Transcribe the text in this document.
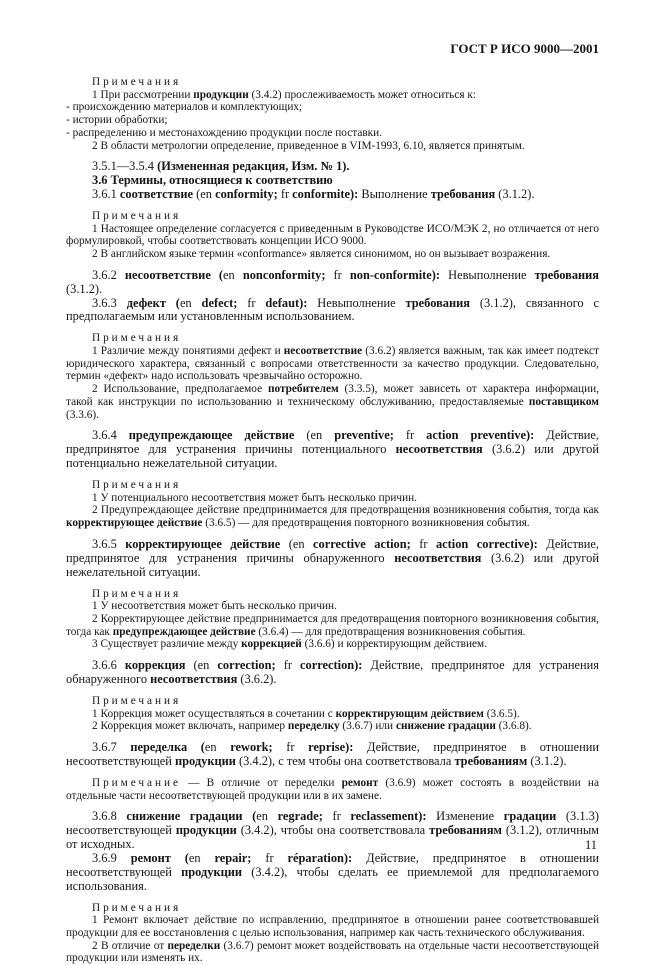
ГОСТ Р ИСО 9000—2001

Примечания

1 При рассмотрении продукции (3.4.2) прослеживаемость может относиться к:

- происхождению материалов и комплектующих;

- истории обработки;

- распределению и местонахождению продукции после поставки.

2 В области метрологии определение, приведенное в VIM-1993, 6.10, является принятым.

3.5.1—3.5.4 (Измененная редакция, Изм. № 1).

3.6 Термины, относящиеся к соответствию

3.6.1 соответствие (en conformity; fr conformite): Выполнение требования (3.1.2).

Примечания

1 Настоящее определение согласуется с приведенным в Руководстве ИСО/МЭК 2, но отличается от него формулировкой, чтобы соответствовать концепции ИСО 9000.

2 В английском языке термин «conformance» является синонимом, но он вызывает возражения.

3.6.2 несоответствие (en nonconformity; fr non-conformite): Невыполнение требования (3.1.2).

3.6.3 дефект (en defect; fr defaut): Невыполнение требования (3.1.2), связанного с предполагаемым или установленным использованием.

Примечания

1 Различие между понятиями дефект и несоответствие (3.6.2) является важным, так как имеет подтекст юридического характера, связанный с вопросами ответственности за качество продукции. Следовательно, термин «дефект» надо использовать чрезвычайно осторожно.

2 Использование, предполагаемое потребителем (3.3.5), может зависеть от характера информации, такой как инструкции по использованию и техническому обслуживанию, предоставляемые поставщиком (3.3.6).

3.6.4 предупреждающее действие (en preventive; fr action preventive): Действие, предпринятое для устранения причины потенциального несоответствия (3.6.2) или другой потенциально нежелательной ситуации.

Примечания

1 У потенциального несоответствия может быть несколько причин.

2 Предупреждающее действие предпринимается для предотвращения возникновения события, тогда как корректирующее действие (3.6.5) — для предотвращения повторного возникновения события.

3.6.5 корректирующее действие (en corrective action; fr action corrective): Действие, предпринятое для устранения причины обнаруженного несоответствия (3.6.2) или другой нежелательной ситуации.

Примечания

1 У несоответствия может быть несколько причин.

2 Корректирующее действие предпринимается для предотвращения повторного возникновения события, тогда как предупреждающее действие (3.6.4) — для предотвращения возникновения события.

3 Существует различие между коррекцией (3.6.6) и корректирующим действием.

3.6.6 коррекция (en correction; fr correction): Действие, предпринятое для устранения обнаруженного несоответствия (3.6.2).

Примечания

1 Коррекция может осуществляться в сочетании с корректирующим действием (3.6.5).

2 Коррекция может включать, например переделку (3.6.7) или снижение градации (3.6.8).

3.6.7 переделка (en rework; fr reprise): Действие, предпринятое в отношении несоответствующей продукции (3.4.2), с тем чтобы она соответствовала требованиям (3.1.2).

Примечание — В отличие от переделки ремонт (3.6.9) может состоять в воздействии на отдельные части несоответствующей продукции или в их замене.

3.6.8 снижение градации (en regrade; fr reclassement): Изменение градации (3.1.3) несоответствующей продукции (3.4.2), чтобы она соответствовала требованиям (3.1.2), отличным от исходных.

3.6.9 ремонт (en repair; fr réparation): Действие, предпринятое в отношении несоответствующей продукции (3.4.2), чтобы сделать ее приемлемой для предполагаемого использования.

Примечания

1 Ремонт включает действие по исправлению, предпринятое в отношении ранее соответствовавшей продукции для ее восстановления с целью использования, например как часть технического обслуживания.

2 В отличие от переделки (3.6.7) ремонт может воздействовать на отдельные части несоответствующей продукции или изменять их.

11
